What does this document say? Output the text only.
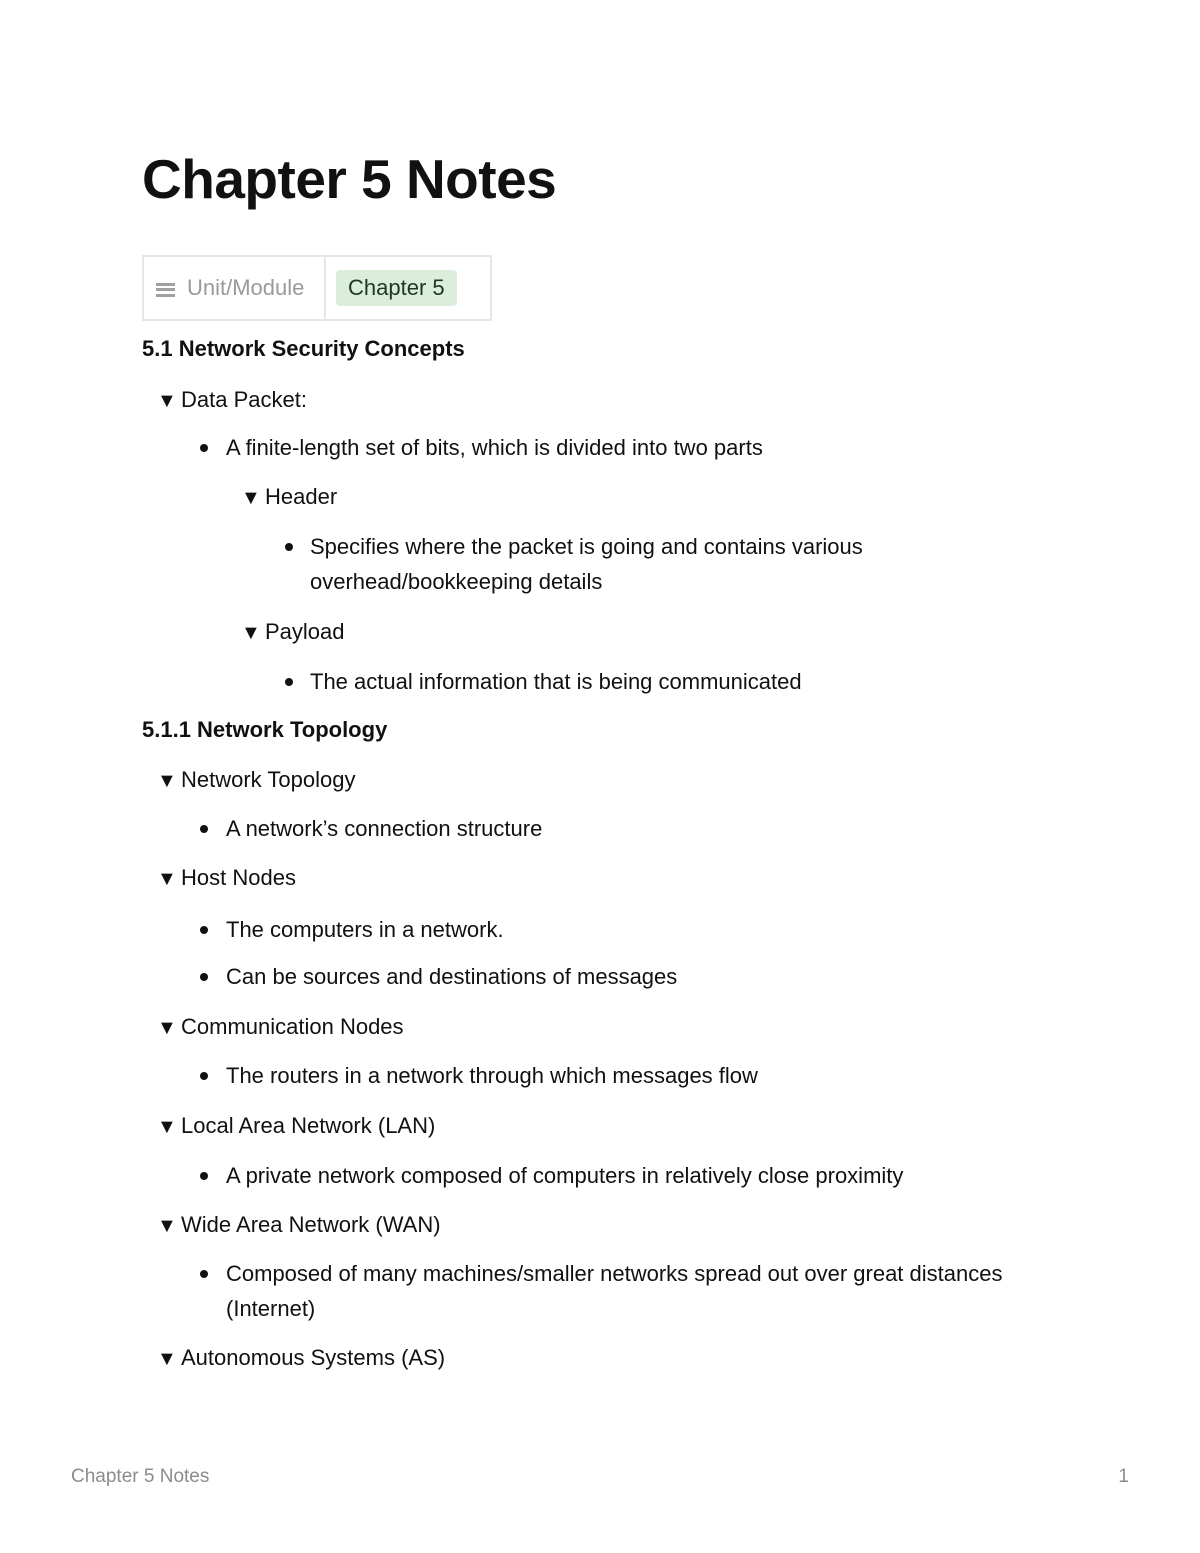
Chapter 5 Notes
Unit/Module	Chapter 5
5.1 Network Security Concepts
▼ Data Packet:
A finite-length set of bits, which is divided into two parts
▼ Header
Specifies where the packet is going and contains various
overhead/bookkeeping details
▼ Payload
The actual information that is being communicated
5.1.1 Network Topology
▼ Network Topology
A network’s connection structure
▼ Host Nodes
The computers in a network.
Can be sources and destinations of messages
▼ Communication Nodes
The routers in a network through which messages flow
▼ Local Area Network (LAN)
A private network composed of computers in relatively close proximity
▼ Wide Area Network (WAN)
Composed of many machines/smaller networks spread out over great distances
(Internet)
▼ Autonomous Systems (AS)
Chapter 5 Notes	1
